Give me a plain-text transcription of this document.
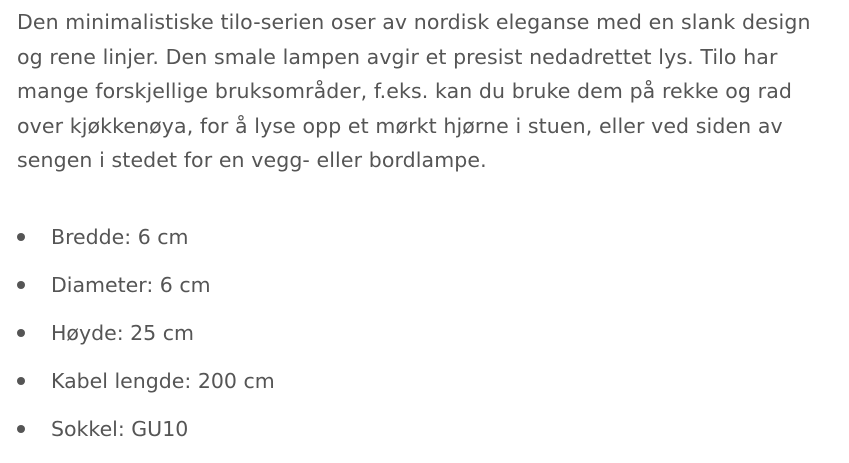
Den minimalistiske tilo-serien oser av nordisk eleganse med en slank design
og rene linjer. Den smale lampen avgir et presist nedadrettet lys. Tilo har
mange forskjellige bruksområder, f.eks. kan du bruke dem på rekke og rad
over kjøkkenøya, for å lyse opp et mørkt hjørne i stuen, eller ved siden av
sengen i stedet for en vegg- eller bordlampe.

Bredde: 6 cm
Diameter: 6 cm
Høyde: 25 cm
Kabel lengde: 200 cm
Sokkel: GU10
